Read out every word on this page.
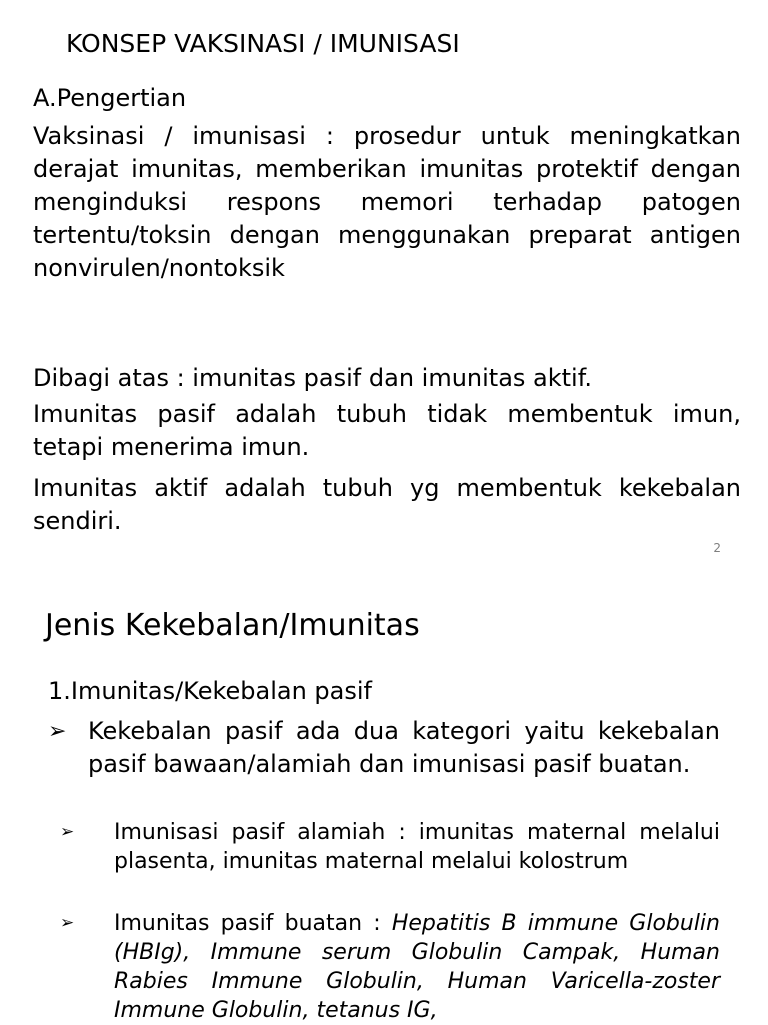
KONSEP VAKSINASI / IMUNISASI
A.Pengertian
Vaksinasi / imunisasi : prosedur untuk meningkatkan derajat imunitas, memberikan imunitas protektif dengan menginduksi respons memori terhadap patogen tertentu/toksin dengan menggunakan preparat antigen nonvirulen/nontoksik
Dibagi atas : imunitas pasif dan imunitas aktif.
Imunitas pasif adalah tubuh tidak membentuk imun, tetapi menerima imun.
Imunitas aktif adalah tubuh yg membentuk kekebalan sendiri.
2
Jenis Kekebalan/Imunitas
1.Imunitas/Kekebalan pasif
➢ Kekebalan pasif ada dua kategori yaitu kekebalan pasif bawaan/alamiah dan imunisasi pasif buatan.
➢ Imunisasi pasif alamiah : imunitas maternal melalui plasenta, imunitas maternal melalui kolostrum
➢ Imunitas pasif buatan : Hepatitis B immune Globulin (HBIg), Immune serum Globulin Campak, Human Rabies Immune Globulin, Human Varicella-zoster Immune Globulin, tetanus IG,
